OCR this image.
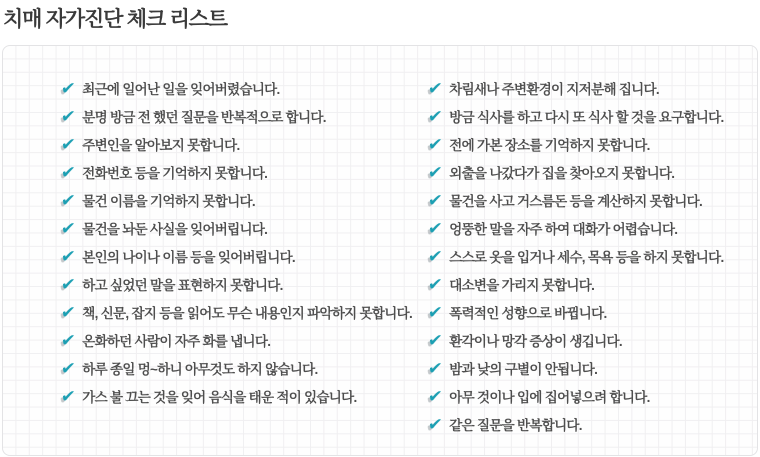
치매 자가진단 체크 리스트
✔ 최근에 일어난 일을 잊어버렸습니다.
✔ 분명 방금 전 했던 질문을 반복적으로 합니다.
✔ 주변인을 알아보지 못합니다.
✔ 전화번호 등을 기억하지 못합니다.
✔ 물건 이름을 기억하지 못합니다.
✔ 물건을 놔둔 사실을 잊어버립니다.
✔ 본인의 나이나 이름 등을 잊어버립니다.
✔ 하고 싶었던 말을 표현하지 못합니다.
✔ 책, 신문, 잡지 등을 읽어도 무슨 내용인지 파악하지 못합니다.
✔ 온화하던 사람이 자주 화를 냅니다.
✔ 하루 종일 멍~하니 아무것도 하지 않습니다.
✔ 가스 불 끄는 것을 잊어 음식을 태운 적이 있습니다.
✔ 차림새나 주변환경이 지저분해 집니다.
✔ 방금 식사를 하고 다시 또 식사 할 것을 요구합니다.
✔ 전에 가본 장소를 기억하지 못합니다.
✔ 외출을 나갔다가 집을 찾아오지 못합니다.
✔ 물건을 사고 거스름돈 등을 계산하지 못합니다.
✔ 엉뚱한 말을 자주 하여 대화가 어렵습니다.
✔ 스스로 옷을 입거나 세수, 목욕 등을 하지 못합니다.
✔ 대소변을 가리지 못합니다.
✔ 폭력적인 성향으로 바뀝니다.
✔ 환각이나 망각 증상이 생깁니다.
✔ 밤과 낮의 구별이 안됩니다.
✔ 아무 것이나 입에 집어넣으려 합니다.
✔ 같은 질문을 반복합니다.
